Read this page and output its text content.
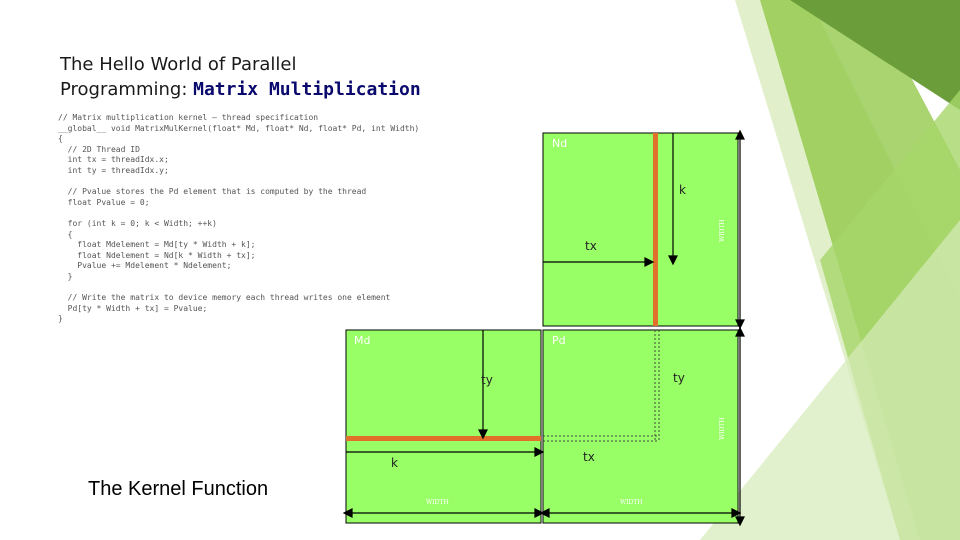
The Hello World of Parallel
Programming: Matrix Multiplication
// Matrix multiplication kernel – thread specification
__global__ void MatrixMulKernel(float* Md, float* Nd, float* Pd, int Width)
{
// 2D Thread ID
int tx = threadIdx.x;
int ty = threadIdx.y;
// Pvalue stores the Pd element that is computed by the thread
float Pvalue = 0;
for (int k = 0; k < Width; ++k)
{
float Mdelement = Md[ty * Width + k];
float Ndelement = Nd[k * Width + tx];
Pvalue += Mdelement * Ndelement;
}
// Write the matrix to device memory each thread writes one element
Pd[ty * Width + tx] = Pvalue;
}
Nd
Md	Pd
k
tx
ty	ty
k	tx
WIDTH	WIDTH
WIDTH
WIDTH
The Kernel Function
